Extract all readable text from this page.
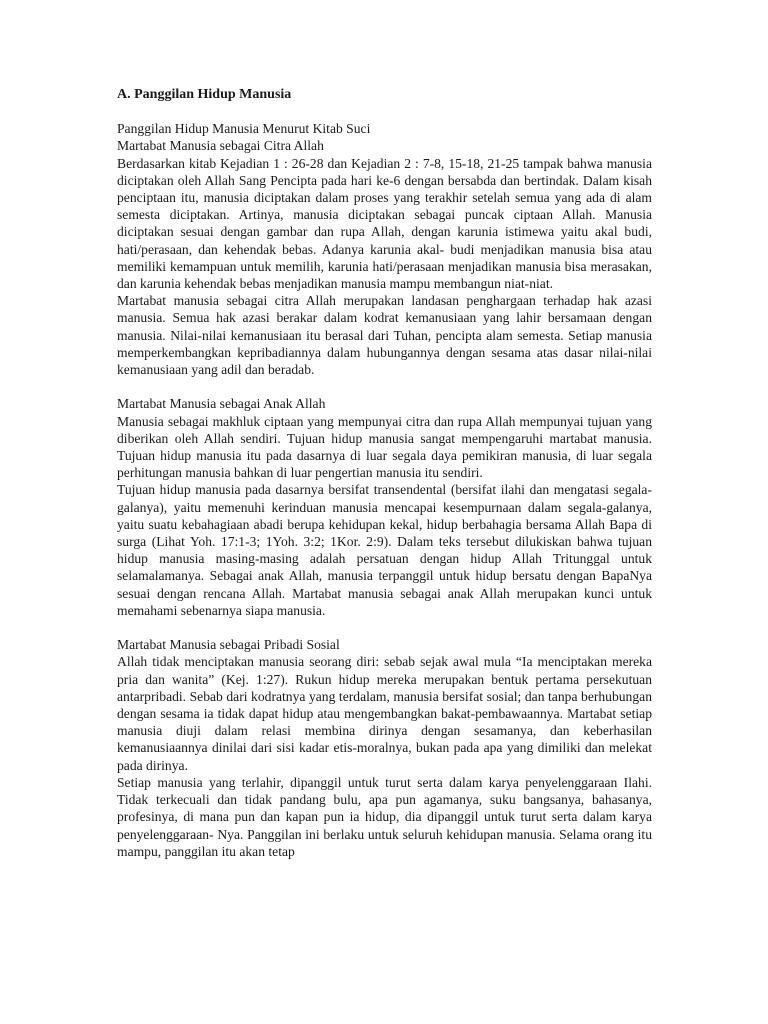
A. Panggilan Hidup Manusia
Panggilan Hidup Manusia Menurut Kitab Suci
Martabat Manusia sebagai Citra Allah

Berdasarkan kitab Kejadian 1 : 26-28 dan Kejadian 2 : 7-8, 15-18, 21-25 tampak bahwa manusia diciptakan oleh Allah Sang Pencipta pada hari ke-6 dengan bersabda dan bertindak. Dalam kisah penciptaan itu, manusia diciptakan dalam proses yang terakhir setelah semua yang ada di alam semesta diciptakan. Artinya, manusia diciptakan sebagai puncak ciptaan Allah. Manusia diciptakan sesuai dengan gambar dan rupa Allah, dengan karunia istimewa yaitu akal budi, hati/perasaan, dan kehendak bebas. Adanya karunia akal- budi menjadikan manusia bisa atau memiliki kemampuan untuk memilih, karunia hati/perasaan menjadikan manusia bisa merasakan, dan karunia kehendak bebas menjadikan manusia mampu membangun niat-niat.

Martabat manusia sebagai citra Allah merupakan landasan penghargaan terhadap hak azasi manusia. Semua hak azasi berakar dalam kodrat kemanusiaan yang lahir bersamaan dengan manusia. Nilai-nilai kemanusiaan itu berasal dari Tuhan, pencipta alam semesta. Setiap manusia memperkembangkan kepribadiannya dalam hubungannya dengan sesama atas dasar nilai-nilai kemanusiaan yang adil dan beradab.

Martabat Manusia sebagai Anak Allah

Manusia sebagai makhluk ciptaan yang mempunyai citra dan rupa Allah mempunyai tujuan yang diberikan oleh Allah sendiri. Tujuan hidup manusia sangat mempengaruhi martabat manusia. Tujuan hidup manusia itu pada dasarnya di luar segala daya pemikiran manusia, di luar segala perhitungan manusia bahkan di luar pengertian manusia itu sendiri.

Tujuan hidup manusia pada dasarnya bersifat transendental (bersifat ilahi dan mengatasi segala-galanya), yaitu memenuhi kerinduan manusia mencapai kesempurnaan dalam segala-galanya, yaitu suatu kebahagiaan abadi berupa kehidupan kekal, hidup berbahagia bersama Allah Bapa di surga (Lihat Yoh. 17:1-3; 1Yoh. 3:2; 1Kor. 2:9). Dalam teks tersebut dilukiskan bahwa tujuan hidup manusia masing-masing adalah persatuan dengan hidup Allah Tritunggal untuk selamalamanya. Sebagai anak Allah, manusia terpanggil untuk hidup bersatu dengan BapaNya sesuai dengan rencana Allah. Martabat manusia sebagai anak Allah merupakan kunci untuk memahami sebenarnya siapa manusia.

Martabat Manusia sebagai Pribadi Sosial

Allah tidak menciptakan manusia seorang diri: sebab sejak awal mula “Ia menciptakan mereka pria dan wanita” (Kej. 1:27). Rukun hidup mereka merupakan bentuk pertama persekutuan antarpribadi. Sebab dari kodratnya yang terdalam, manusia bersifat sosial; dan tanpa berhubungan dengan sesama ia tidak dapat hidup atau mengembangkan bakat-pembawaannya. Martabat setiap manusia diuji dalam relasi membina dirinya dengan sesamanya, dan keberhasilan kemanusiaannya dinilai dari sisi kadar etis-moralnya, bukan pada apa yang dimiliki dan melekat pada dirinya.

Setiap manusia yang terlahir, dipanggil untuk turut serta dalam karya penyelenggaraan Ilahi. Tidak terkecuali dan tidak pandang bulu, apa pun agamanya, suku bangsanya, bahasanya, profesinya, di mana pun dan kapan pun ia hidup, dia dipanggil untuk turut serta dalam karya penyelenggaraan- Nya. Panggilan ini berlaku untuk seluruh kehidupan manusia. Selama orang itu mampu, panggilan itu akan tetap
